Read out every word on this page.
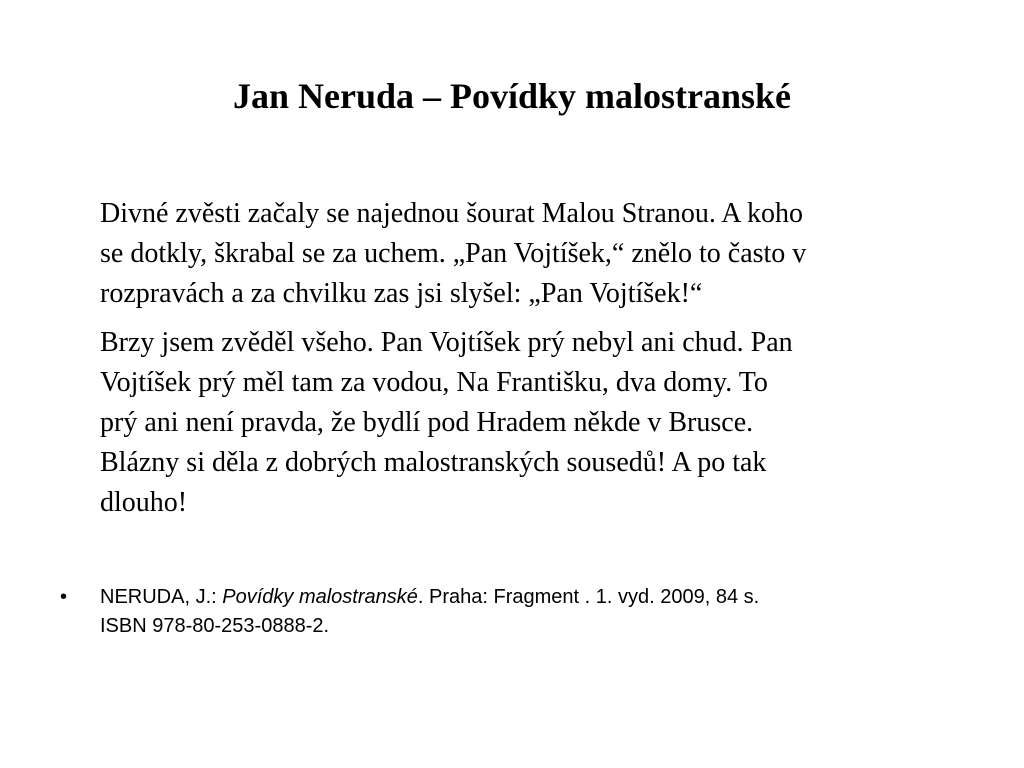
Jan Neruda – Povídky malostranské

Divné zvěsti začaly se najednou šourat Malou Stranou. A koho
se dotkly, škrabal se za uchem. „Pan Vojtíšek,“ znělo to často v
rozpravách a za chvilku zas jsi slyšel: „Pan Vojtíšek!“

Brzy jsem zvěděl všeho. Pan Vojtíšek prý nebyl ani chud. Pan
Vojtíšek prý měl tam za vodou, Na Františku, dva domy. To
prý ani není pravda, že bydlí pod Hradem někde v Brusce.
Blázny si děla z dobrých malostranských sousedů! A po tak
dlouho!

•	NERUDA, J.: Povídky malostranské. Praha: Fragment . 1. vyd. 2009, 84 s.
ISBN 978-80-253-0888-2.
